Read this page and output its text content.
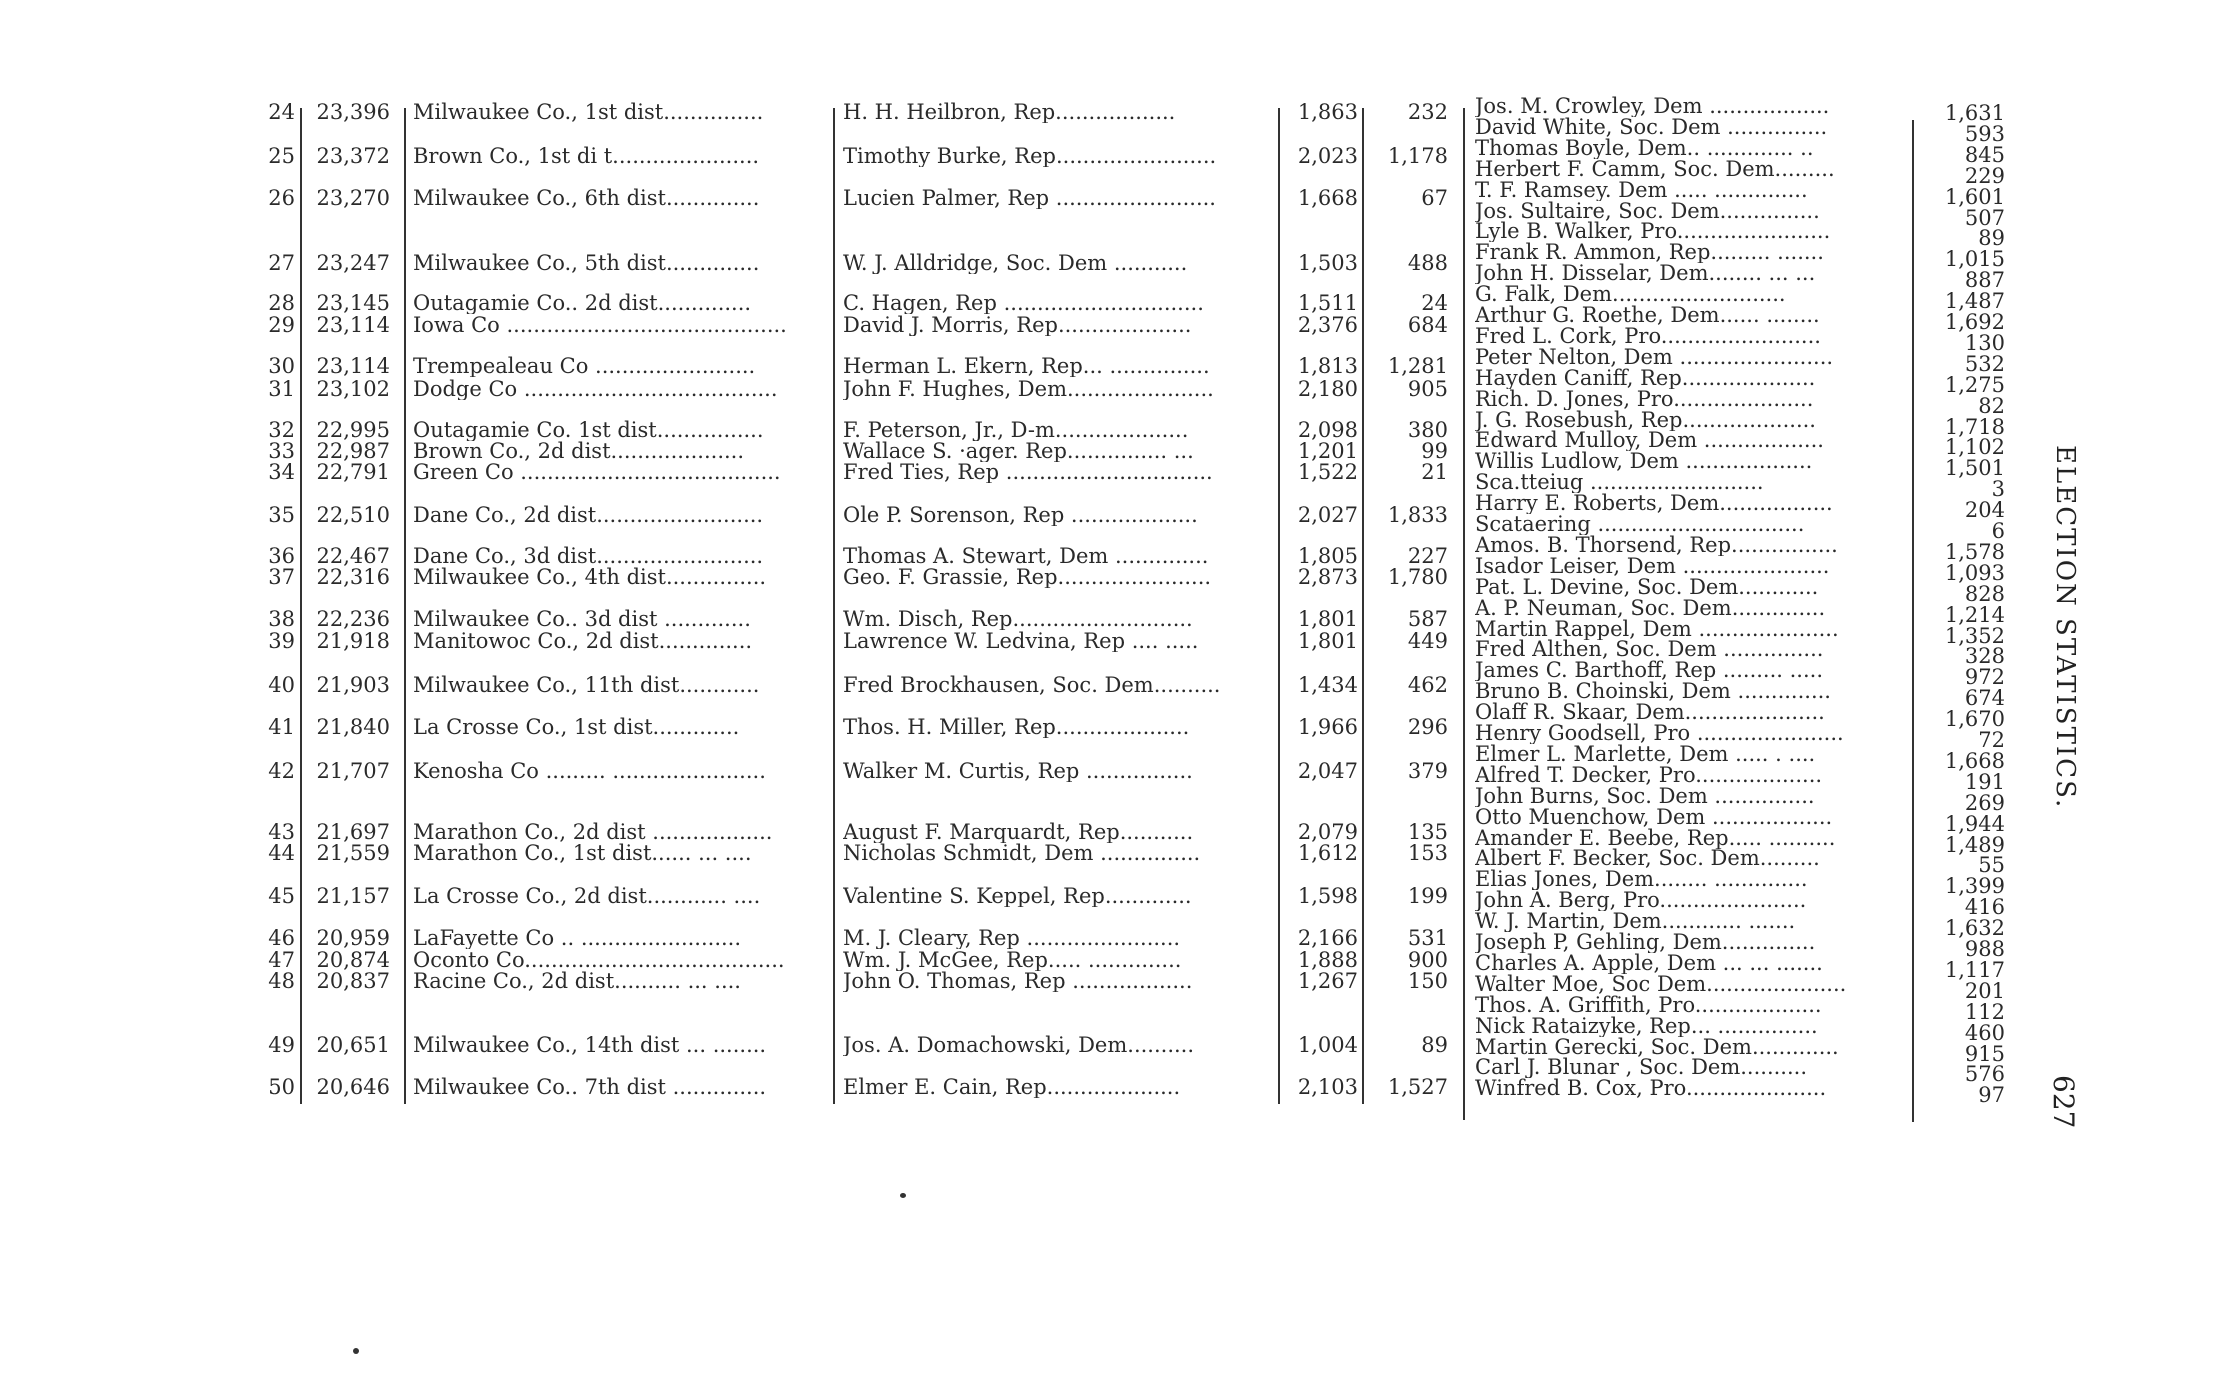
24	23,396 Milwaukee Co., 1st dist...............	H. H. Heilbron, Rep..................	1,863	232
25	23,372 Brown Co., 1st di t......................	Timothy Burke, Rep........................	2,023	1,178
26	23,270 Milwaukee Co., 6th dist..............	Lucien Palmer, Rep ........................	1,668	67
27	23,247 Milwaukee Co., 5th dist..............	W. J. Alldridge, Soc. Dem ...........	1,503	488
28	23,145 Outagamie Co.. 2d dist..............	C. Hagen, Rep ..............................	1,511	24
29	23,114 Iowa Co ..........................................	David J. Morris, Rep....................	2,376	684
30	23,114 Trempealeau Co ........................	Herman L. Ekern, Rep... ...............	1,813	1,281
31	23,102 Dodge Co ......................................	John F. Hughes, Dem......................	2,180	905
32	22,995 Outagamie Co. 1st dist................	F. Peterson, Jr., D-m....................	2,098	380
33	22,987 Brown Co., 2d dist....................	Wallace S. ·ager. Rep............... ...	1,201	99
34	22,791 Green Co .......................................	Fred Ties, Rep ...............................	1,522	21
35	22,510 Dane Co., 2d dist.........................	Ole P. Sorenson, Rep ...................	2,027	1,833
36	22,467 Dane Co., 3d dist.........................	Thomas A. Stewart, Dem ..............	1,805	227
37	22,316 Milwaukee Co., 4th dist...............	Geo. F. Grassie, Rep.......................	2,873	1,780
38	22,236 Milwaukee Co.. 3d dist .............	Wm. Disch, Rep...........................	1,801	587
39	21,918 Manitowoc Co., 2d dist..............	Lawrence W. Ledvina, Rep .... .....	1,801	449
40	21,903 Milwaukee Co., 11th dist............	Fred Brockhausen, Soc. Dem..........	1,434	462
41	21,840 La Crosse Co., 1st dist.............	Thos. H. Miller, Rep....................	1,966	296
42	21,707 Kenosha Co ......... .......................	Walker M. Curtis, Rep ................	2,047	379
43	21,697 Marathon Co., 2d dist ..................	August F. Marquardt, Rep...........	2,079	135
44	21,559 Marathon Co., 1st dist...... ... ....	Nicholas Schmidt, Dem ...............	1,612	153
45	21,157 La Crosse Co., 2d dist............ ....	Valentine S. Keppel, Rep.............	1,598	199
46	20,959 LaFayette Co .. ........................	M. J. Cleary, Rep .......................	2,166	531
47	20,874 Oconto Co.......................................	Wm. J. McGee, Rep..... ..............	1,888	900
48	20,837 Racine Co., 2d dist.......... ... ....	John O. Thomas, Rep ..................	1,267	150
49	20,651 Milwaukee Co., 14th dist ... ........	Jos. A. Domachowski, Dem..........	1,004	89
50	20,646 Milwaukee Co.. 7th dist ..............	Elmer E. Cain, Rep....................	2,103	1,527
Jos. M. Crowley, Dem ..................	1,631
David White, Soc. Dem ...............	593
Thomas Boyle, Dem.. ............. ..	845
Herbert F. Camm, Soc. Dem.........	229
T. F. Ramsey. Dem ..... ..............	1,601
Jos. Sultaire, Soc. Dem...............	507
Lyle B. Walker, Pro.......................	89
Frank R. Ammon, Rep......... .......	1,015
John H. Disselar, Dem........ ... ...	887
G. Falk, Dem..........................	1,487
Arthur G. Roethe, Dem...... ........	1,692
Fred L. Cork, Pro........................	130
Peter Nelton, Dem .......................	532
Hayden Caniff, Rep....................	1,275
Rich. D. Jones, Pro.....................	82
J. G. Rosebush, Rep....................	1,718
Edward Mulloy, Dem ..................	1,102
Willis Ludlow, Dem ...................	1,501
Sca.tteiug ..........................	3
Harry E. Roberts, Dem.................	204
Scataering ...............................	6
Amos. B. Thorsend, Rep................	1,578
Isador Leiser, Dem ......................	1,093
Pat. L. Devine, Soc. Dem............	828
A. P. Neuman, Soc. Dem..............	1,214
Martin Rappel, Dem .....................	1,352
Fred Althen, Soc. Dem ...............	328
James C. Barthoff, Rep ......... .....	972
Bruno B. Choinski, Dem ..............	674
Olaff R. Skaar, Dem.....................	1,670
Henry Goodsell, Pro ......................	72
Elmer L. Marlette, Dem ..... . ....	1,668
Alfred T. Decker, Pro...................	191
John Burns, Soc. Dem ...............	269
Otto Muenchow, Dem ..................	1,944
Amander E. Beebe, Rep..... ..........	1,489
Albert F. Becker, Soc. Dem.........	55
Elias Jones, Dem........ ..............	1,399
John A. Berg, Pro......................	416
W. J. Martin, Dem............ .......	1,632
Joseph P, Gehling, Dem..............	988
Charles A. Apple, Dem ... ... .......	1,117
Walter Moe, Soc Dem.....................	201
Thos. A. Griffith, Pro...................	112
Nick Rataizyke, Rep... ...............	460
Martin Gerecki, Soc. Dem.............	915
Carl J. Blunar , Soc. Dem..........	576
Winfred B. Cox, Pro.....................	97
ELECTION STATISTICS.
627
